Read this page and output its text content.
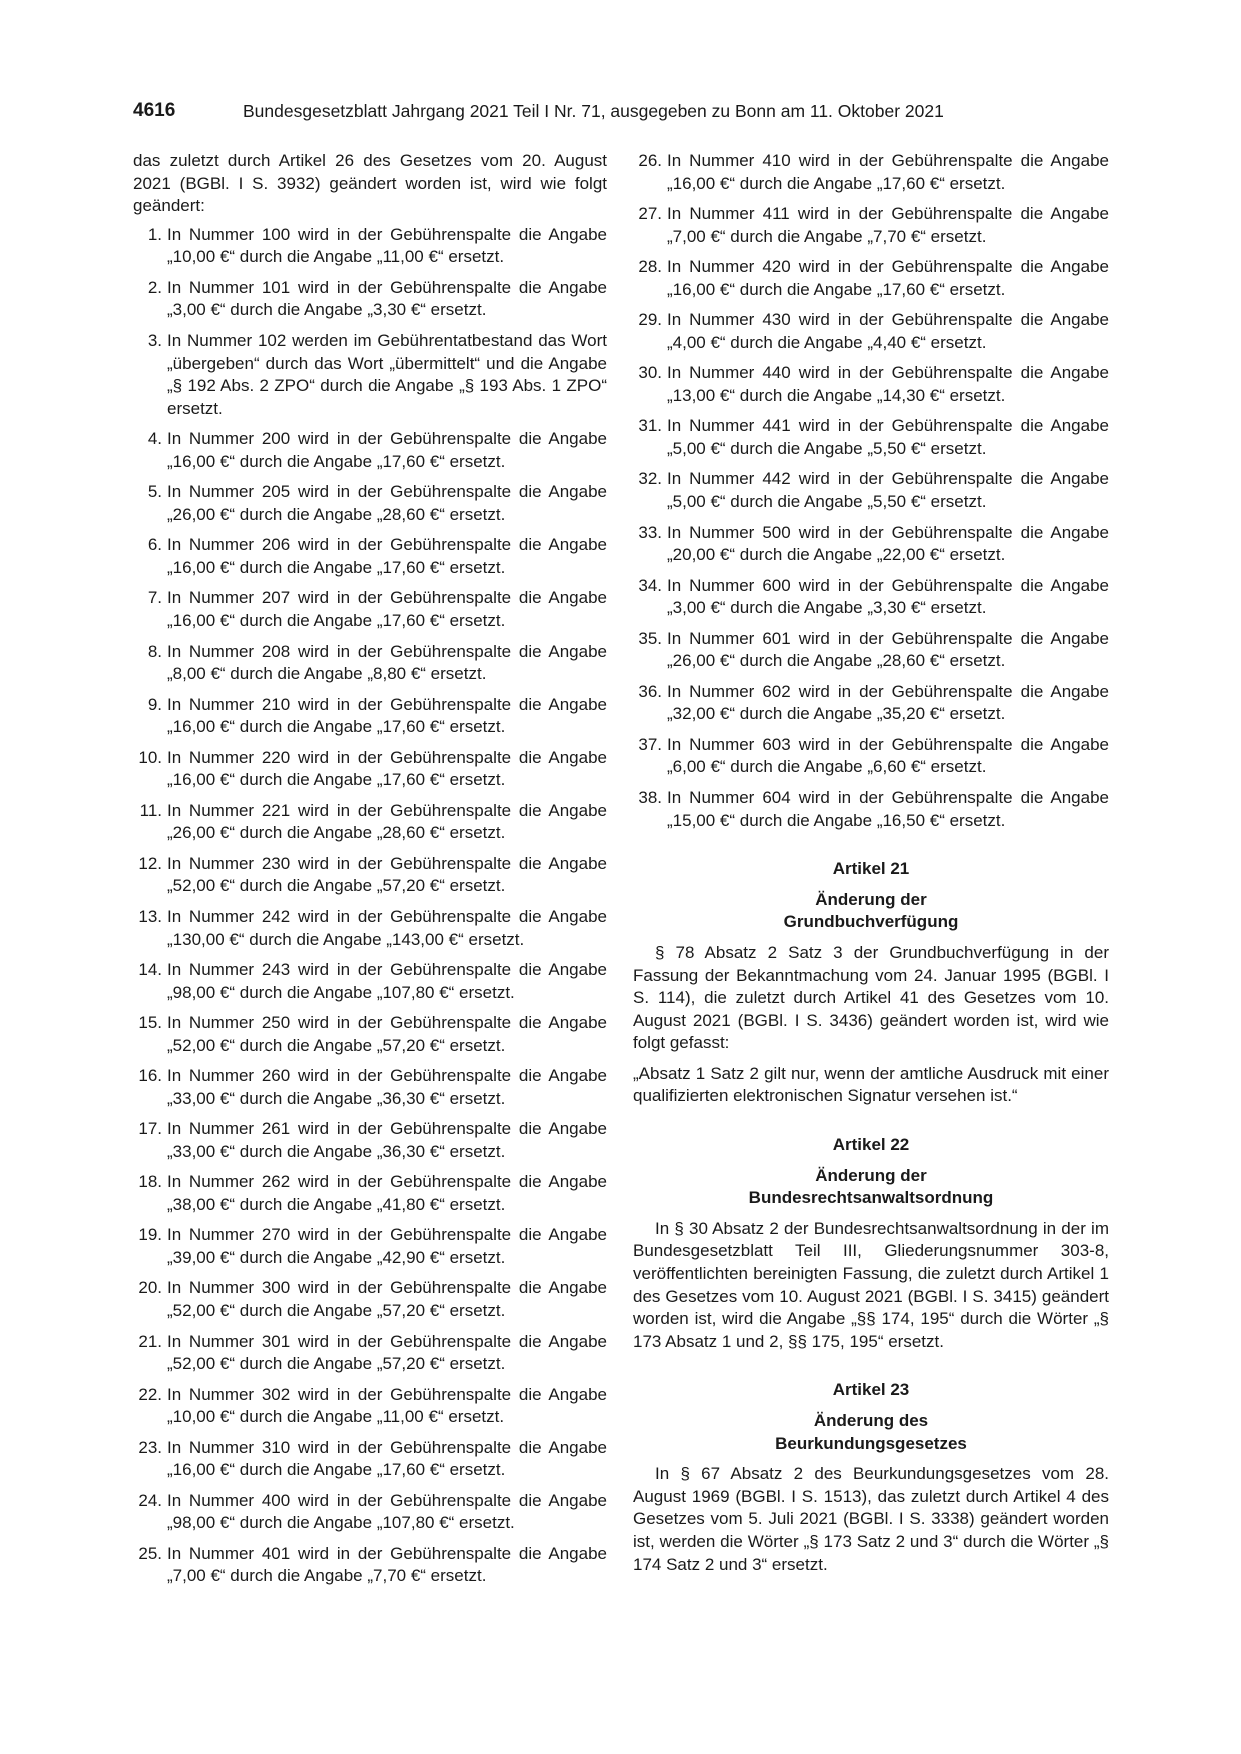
4616	Bundesgesetzblatt Jahrgang 2021 Teil I Nr. 71, ausgegeben zu Bonn am 11. Oktober 2021

das zuletzt durch Artikel 26 des Gesetzes vom 20. August 2021 (BGBl. I S. 3932) geändert worden ist, wird wie folgt geändert:

1. In Nummer 100 wird in der Gebührenspalte die Angabe „10,00 €“ durch die Angabe „11,00 €“ ersetzt.
2. In Nummer 101 wird in der Gebührenspalte die Angabe „3,00 €“ durch die Angabe „3,30 €“ ersetzt.
3. In Nummer 102 werden im Gebührentatbestand das Wort „übergeben“ durch das Wort „übermittelt“ und die Angabe „§ 192 Abs. 2 ZPO“ durch die Angabe „§ 193 Abs. 1 ZPO“ ersetzt.
4. In Nummer 200 wird in der Gebührenspalte die Angabe „16,00 €“ durch die Angabe „17,60 €“ ersetzt.
5. In Nummer 205 wird in der Gebührenspalte die Angabe „26,00 €“ durch die Angabe „28,60 €“ ersetzt.
6. In Nummer 206 wird in der Gebührenspalte die Angabe „16,00 €“ durch die Angabe „17,60 €“ ersetzt.
7. In Nummer 207 wird in der Gebührenspalte die Angabe „16,00 €“ durch die Angabe „17,60 €“ ersetzt.
8. In Nummer 208 wird in der Gebührenspalte die Angabe „8,00 €“ durch die Angabe „8,80 €“ ersetzt.
9. In Nummer 210 wird in der Gebührenspalte die Angabe „16,00 €“ durch die Angabe „17,60 €“ ersetzt.
10. In Nummer 220 wird in der Gebührenspalte die Angabe „16,00 €“ durch die Angabe „17,60 €“ ersetzt.
11. In Nummer 221 wird in der Gebührenspalte die Angabe „26,00 €“ durch die Angabe „28,60 €“ ersetzt.
12. In Nummer 230 wird in der Gebührenspalte die Angabe „52,00 €“ durch die Angabe „57,20 €“ ersetzt.
13. In Nummer 242 wird in der Gebührenspalte die Angabe „130,00 €“ durch die Angabe „143,00 €“ ersetzt.
14. In Nummer 243 wird in der Gebührenspalte die Angabe „98,00 €“ durch die Angabe „107,80 €“ ersetzt.
15. In Nummer 250 wird in der Gebührenspalte die Angabe „52,00 €“ durch die Angabe „57,20 €“ ersetzt.
16. In Nummer 260 wird in der Gebührenspalte die Angabe „33,00 €“ durch die Angabe „36,30 €“ ersetzt.
17. In Nummer 261 wird in der Gebührenspalte die Angabe „33,00 €“ durch die Angabe „36,30 €“ ersetzt.
18. In Nummer 262 wird in der Gebührenspalte die Angabe „38,00 €“ durch die Angabe „41,80 €“ ersetzt.
19. In Nummer 270 wird in der Gebührenspalte die Angabe „39,00 €“ durch die Angabe „42,90 €“ ersetzt.
20. In Nummer 300 wird in der Gebührenspalte die Angabe „52,00 €“ durch die Angabe „57,20 €“ ersetzt.
21. In Nummer 301 wird in der Gebührenspalte die Angabe „52,00 €“ durch die Angabe „57,20 €“ ersetzt.
22. In Nummer 302 wird in der Gebührenspalte die Angabe „10,00 €“ durch die Angabe „11,00 €“ ersetzt.
23. In Nummer 310 wird in der Gebührenspalte die Angabe „16,00 €“ durch die Angabe „17,60 €“ ersetzt.
24. In Nummer 400 wird in der Gebührenspalte die Angabe „98,00 €“ durch die Angabe „107,80 €“ ersetzt.
25. In Nummer 401 wird in der Gebührenspalte die Angabe „7,00 €“ durch die Angabe „7,70 €“ ersetzt.
26. In Nummer 410 wird in der Gebührenspalte die Angabe „16,00 €“ durch die Angabe „17,60 €“ ersetzt.
27. In Nummer 411 wird in der Gebührenspalte die Angabe „7,00 €“ durch die Angabe „7,70 €“ ersetzt.
28. In Nummer 420 wird in der Gebührenspalte die Angabe „16,00 €“ durch die Angabe „17,60 €“ ersetzt.
29. In Nummer 430 wird in der Gebührenspalte die Angabe „4,00 €“ durch die Angabe „4,40 €“ ersetzt.
30. In Nummer 440 wird in der Gebührenspalte die Angabe „13,00 €“ durch die Angabe „14,30 €“ ersetzt.
31. In Nummer 441 wird in der Gebührenspalte die Angabe „5,00 €“ durch die Angabe „5,50 €“ ersetzt.
32. In Nummer 442 wird in der Gebührenspalte die Angabe „5,00 €“ durch die Angabe „5,50 €“ ersetzt.
33. In Nummer 500 wird in der Gebührenspalte die Angabe „20,00 €“ durch die Angabe „22,00 €“ ersetzt.
34. In Nummer 600 wird in der Gebührenspalte die Angabe „3,00 €“ durch die Angabe „3,30 €“ ersetzt.
35. In Nummer 601 wird in der Gebührenspalte die Angabe „26,00 €“ durch die Angabe „28,60 €“ ersetzt.
36. In Nummer 602 wird in der Gebührenspalte die Angabe „32,00 €“ durch die Angabe „35,20 €“ ersetzt.
37. In Nummer 603 wird in der Gebührenspalte die Angabe „6,00 €“ durch die Angabe „6,60 €“ ersetzt.
38. In Nummer 604 wird in der Gebührenspalte die Angabe „15,00 €“ durch die Angabe „16,50 €“ ersetzt.
Artikel 21
Änderung der
Grundbuchverfügung

§ 78 Absatz 2 Satz 3 der Grundbuchverfügung in der Fassung der Bekanntmachung vom 24. Januar 1995 (BGBl. I S. 114), die zuletzt durch Artikel 41 des Gesetzes vom 10. August 2021 (BGBl. I S. 3436) geändert worden ist, wird wie folgt gefasst:

„Absatz 1 Satz 2 gilt nur, wenn der amtliche Ausdruck mit einer qualifizierten elektronischen Signatur versehen ist.“

Artikel 22
Änderung der
Bundesrechtsanwaltsordnung

In § 30 Absatz 2 der Bundesrechtsanwaltsordnung in der im Bundesgesetzblatt Teil III, Gliederungsnummer 303-8, veröffentlichten bereinigten Fassung, die zuletzt durch Artikel 1 des Gesetzes vom 10. August 2021 (BGBl. I S. 3415) geändert worden ist, wird die Angabe „§§ 174, 195“ durch die Wörter „§ 173 Absatz 1 und 2, §§ 175, 195“ ersetzt.

Artikel 23
Änderung des
Beurkundungsgesetzes

In § 67 Absatz 2 des Beurkundungsgesetzes vom 28. August 1969 (BGBl. I S. 1513), das zuletzt durch Artikel 4 des Gesetzes vom 5. Juli 2021 (BGBl. I S. 3338) geändert worden ist, werden die Wörter „§ 173 Satz 2 und 3“ durch die Wörter „§ 174 Satz 2 und 3“ ersetzt.
